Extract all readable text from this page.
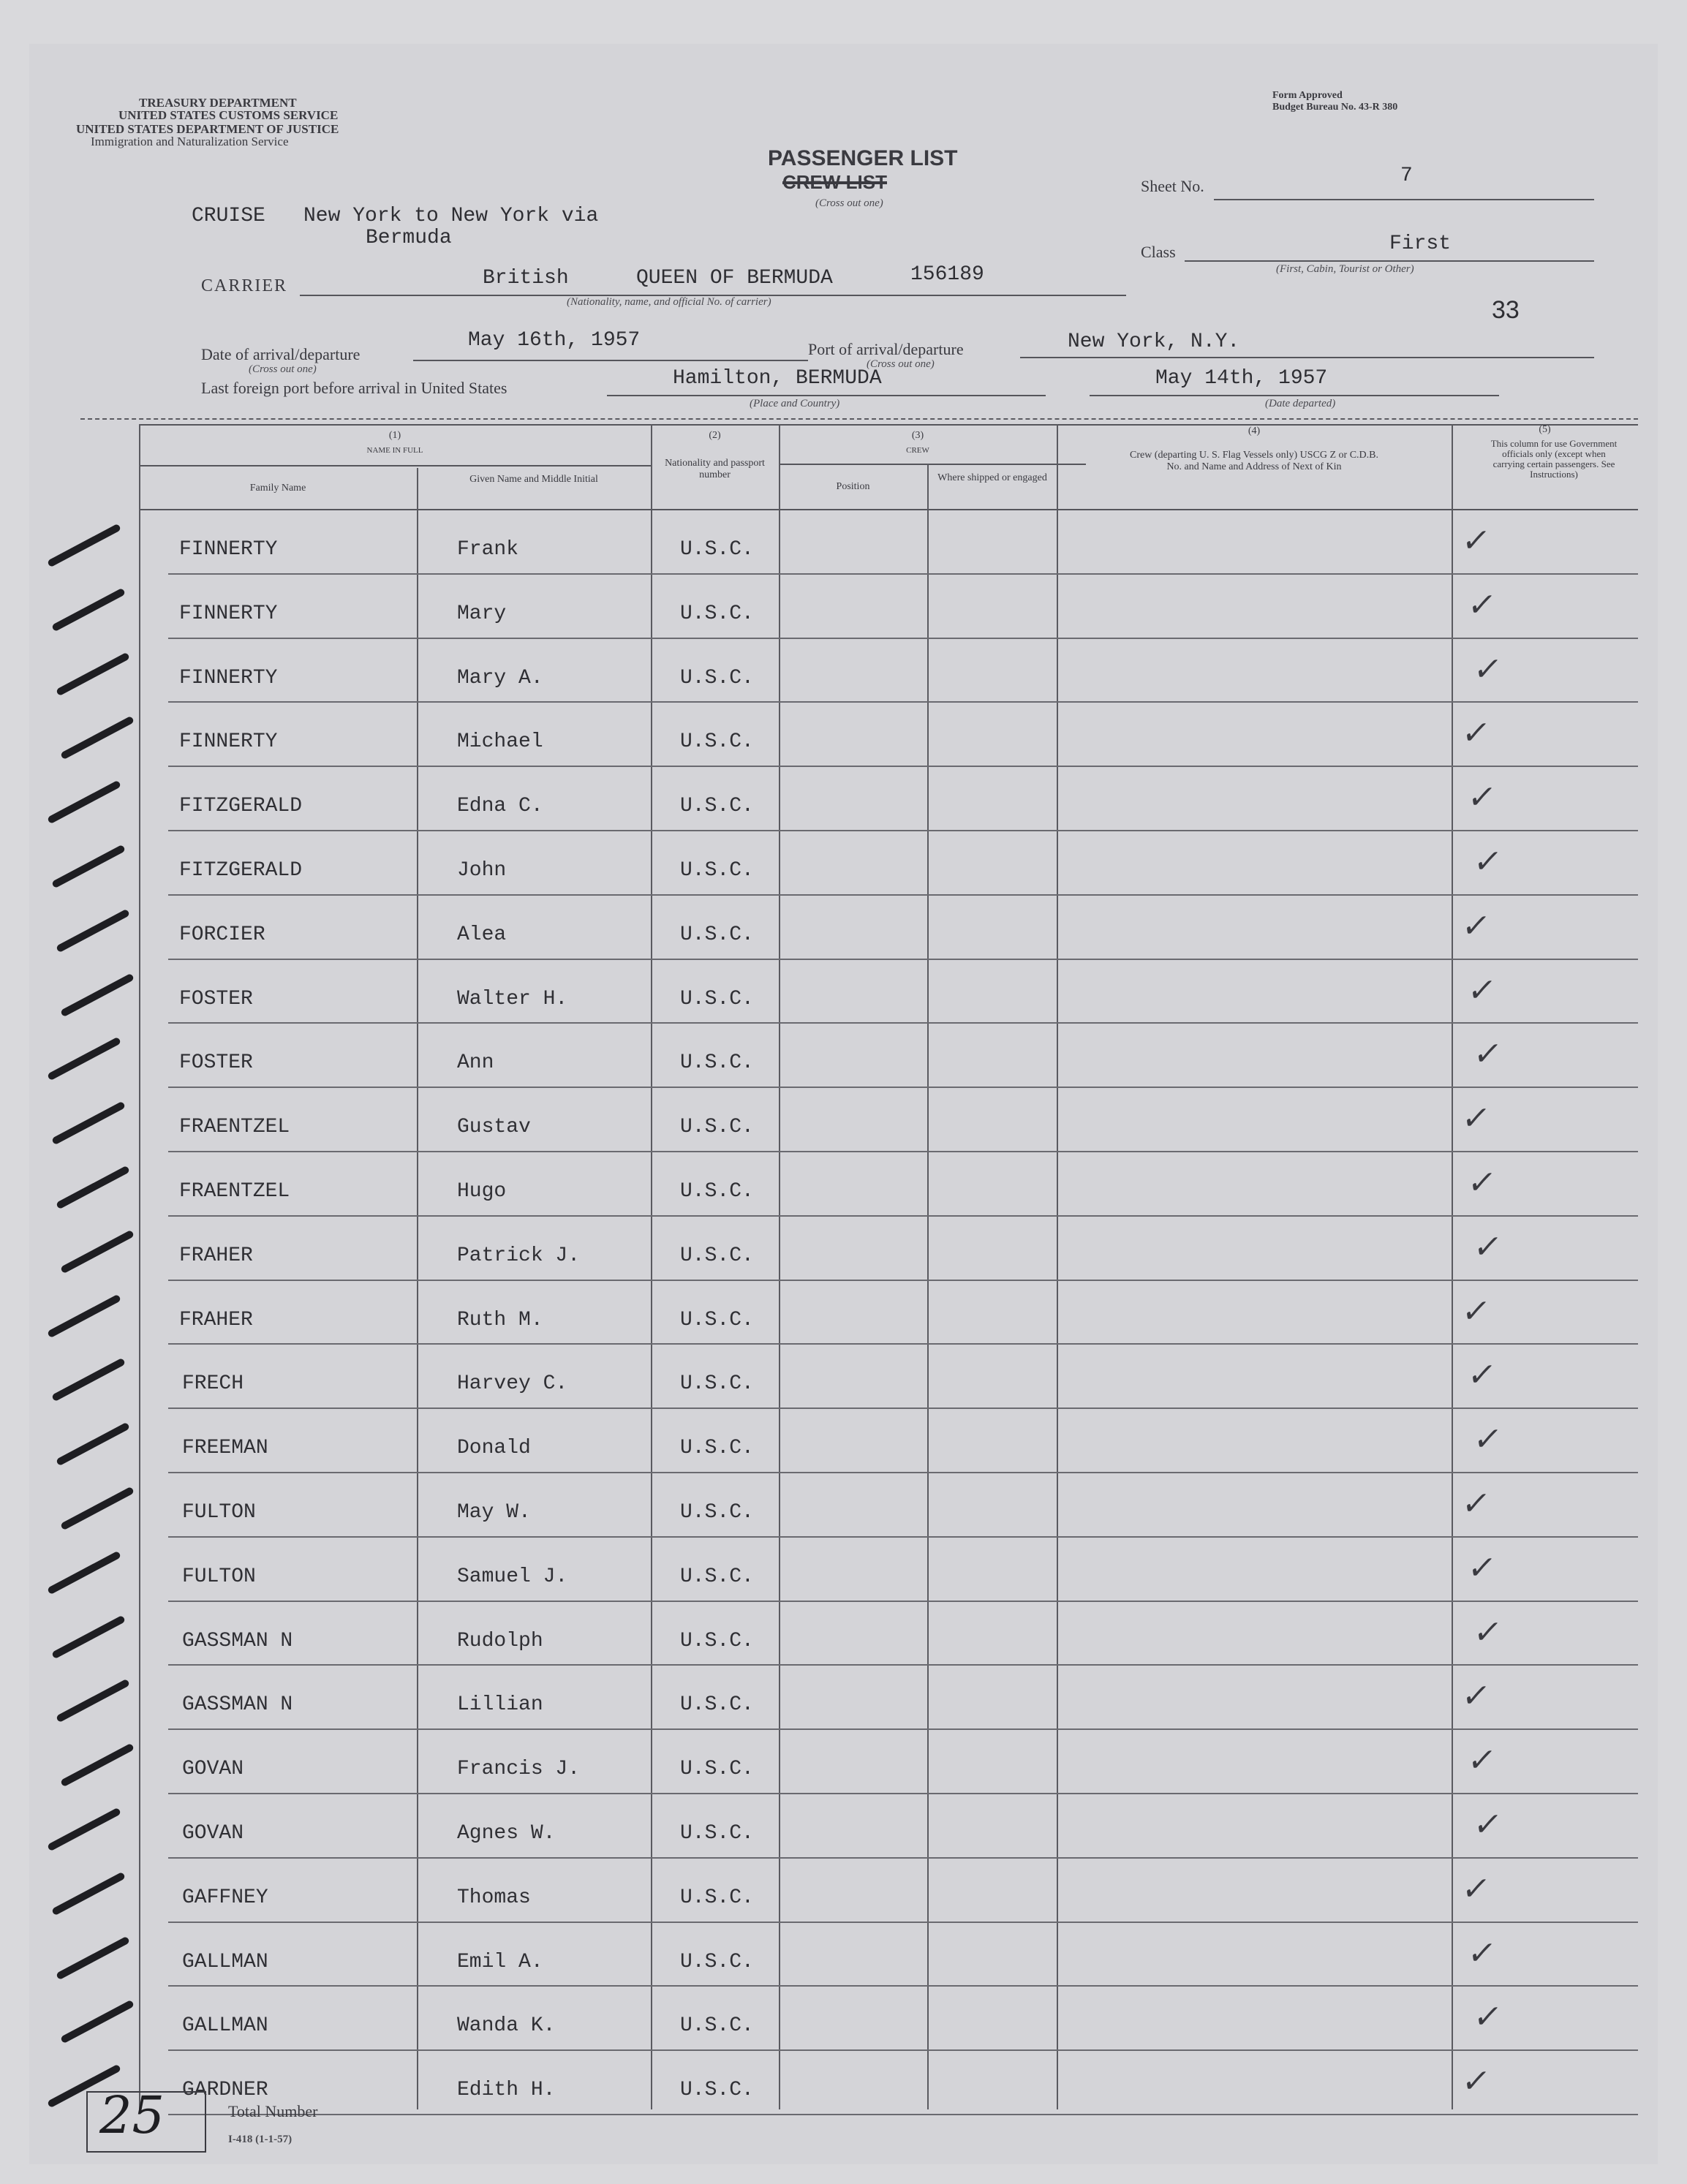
TREASURY DEPARTMENT
UNITED STATES CUSTOMS SERVICE
UNITED STATES DEPARTMENT OF JUSTICE
Immigration and Naturalization Service
Form Approved
Budget Bureau No. 43-R 380
PASSENGER LIST
CREW LIST
(Cross out one)
Sheet No.	7
Class	First
(First, Cabin, Tourist or Other)
33
CRUISE New York to New York via
Bermuda
CARRIER	British	QUEEN OF BERMUDA	156189
(Nationality, name, and official No. of carrier)
Date of arrival/departure
(Cross out one)
May 16th, 1957	Port of arrival/departure
(Cross out one)
New York, N.Y.
Last foreign port before arrival in United States	Hamilton, BERMUDA
(Place and Country)
May 14th, 1957
(Date departed)
(1)
NAME IN FULL
Family Name
Given Name and Middle Initial
(2)
Nationality and passport number
(3)
CREW
Position
Where shipped or engaged
(4)
Crew (departing U. S. Flag Vessels only) USCG Z or C.D.B. No. and Name and Address of Next of Kin
(5)
This column for use Government officials only (except when carrying certain passengers. See Instructions)
FINNERTY	Frank	U.S.C.	✓
FINNERTY	Mary	U.S.C.	✓
FINNERTY	Mary A.	U.S.C.	✓
FINNERTY	Michael	U.S.C.	✓
FITZGERALD	Edna C.	U.S.C.	✓
FITZGERALD	John	U.S.C.	✓
FORCIER	Alea	U.S.C.	✓
FOSTER	Walter H.	U.S.C.	✓
FOSTER	Ann	U.S.C.	✓
FRAENTZEL	Gustav	U.S.C.	✓
FRAENTZEL	Hugo	U.S.C.	✓
FRAHER	Patrick J.	U.S.C.	✓
FRAHER	Ruth M.	U.S.C.	✓
FRECH	Harvey C.	U.S.C.	✓
FREEMAN	Donald	U.S.C.	✓
FULTON	May W.	U.S.C.	✓
FULTON	Samuel J.	U.S.C.	✓
GASSMAN N	Rudolph	U.S.C.	✓
GASSMAN N	Lillian	U.S.C.	✓
GOVAN	Francis J.	U.S.C.	✓
GOVAN	Agnes W.	U.S.C.	✓
GAFFNEY	Thomas	U.S.C.	✓
GALLMAN	Emil A.	U.S.C.	✓
GALLMAN	Wanda K.	U.S.C.	✓
GARDNER	Edith H.	U.S.C.	✓
25	Total Number
I-418 (1-1-57)
